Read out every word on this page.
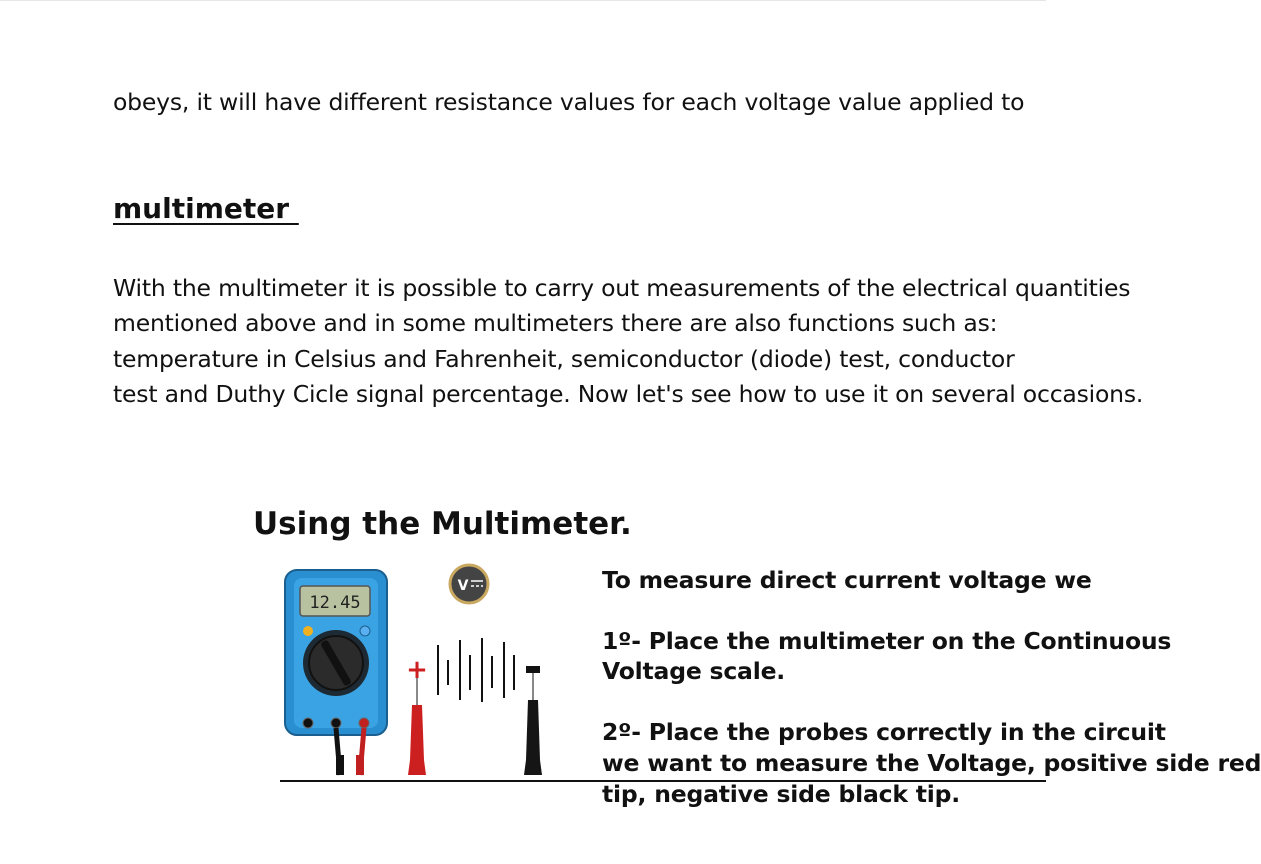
obeys, it will have different resistance values for each voltage value applied to
multimeter
With the multimeter it is possible to carry out measurements of the electrical quantities
mentioned above and in some multimeters there are also functions such as:
temperature in Celsius and Fahrenheit, semiconductor (diode) test, conductor
test and Duthy Cicle signal percentage. Now let's see how to use it on several occasions.
Using the Multimeter.
12.45
V
+
To measure direct current voltage we
1º- Place the multimeter on the Continuous
Voltage scale.
2º- Place the probes correctly in the circuit
we want to measure the Voltage, positive side red
tip, negative side black tip.
